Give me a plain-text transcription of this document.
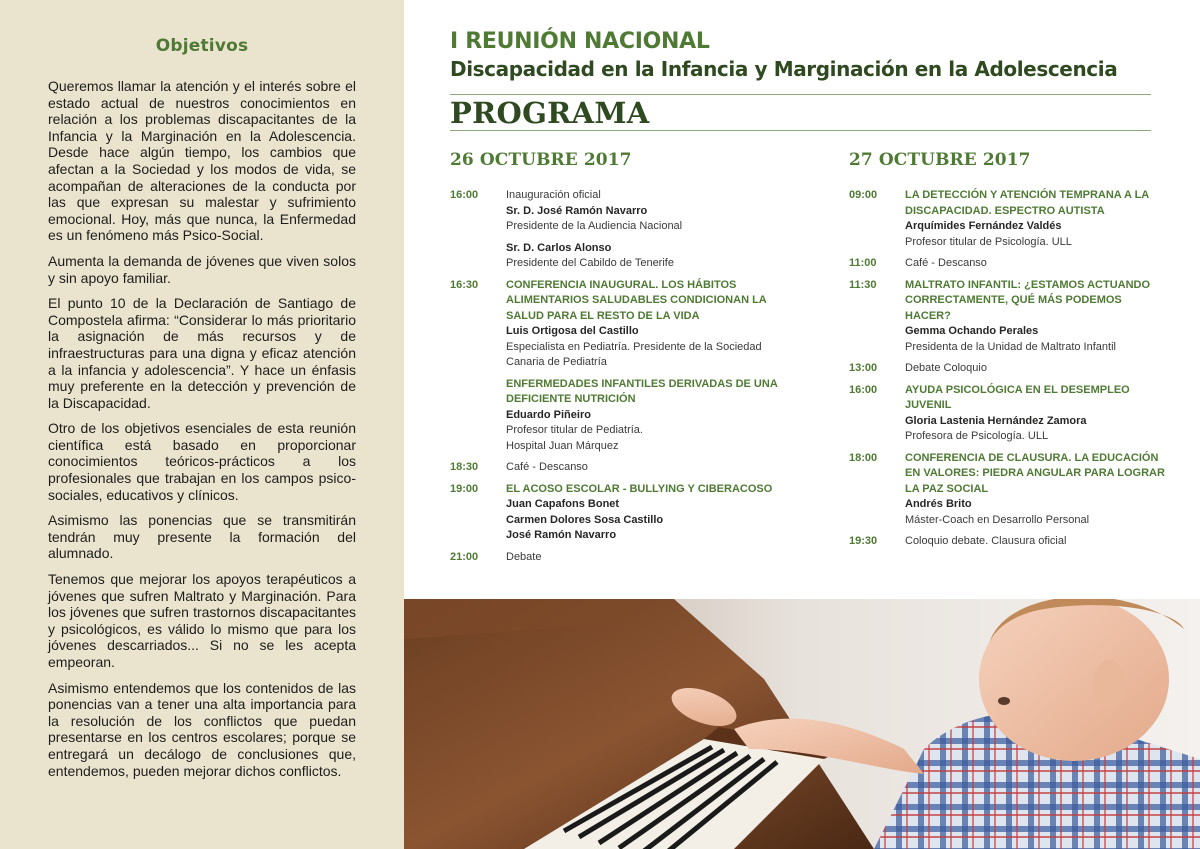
Objetivos

Queremos llamar la atención y el interés sobre el estado actual de nuestros conocimientos en relación a los problemas discapacitantes de la Infancia y la Marginación en la Adolescencia. Desde hace algún tiempo, los cambios que afectan a la Sociedad y los modos de vida, se acompañan de alteraciones de la conducta por las que expresan su malestar y sufrimiento emocional. Hoy, más que nunca, la Enfermedad es un fenómeno más Psico-Social.

Aumenta la demanda de jóvenes que viven solos y sin apoyo familiar.

El punto 10 de la Declaración de Santiago de Compostela afirma: “Considerar lo más prioritario la asignación de más recursos y de infraestructuras para una digna y eficaz atención a la infancia y adolescencia”. Y hace un énfasis muy preferente en la detección y prevención de la Discapacidad.

Otro de los objetivos esenciales de esta reunión científica está basado en proporcionar conocimientos teóricos-prácticos a los profesionales que trabajan en los campos psico-sociales, educativos y clínicos.

Asimismo las ponencias que se transmitirán tendrán muy presente la formación del alumnado.

Tenemos que mejorar los apoyos terapéuticos a jóvenes que sufren Maltrato y Marginación. Para los jóvenes que sufren trastornos discapacitantes y psicológicos, es válido lo mismo que para los jóvenes descarriados... Si no se les acepta empeoran.

Asimismo entendemos que los contenidos de las ponencias van a tener una alta importancia para la resolución de los conflictos que puedan presentarse en los centros escolares; porque se entregará un decálogo de conclusiones que, entendemos, pueden mejorar dichos conflictos.

I REUNIÓN NACIONAL
Discapacidad en la Infancia y Marginación en la Adolescencia
PROGRAMA
26 OCTUBRE 2017
16:00	Inauguración oficial
Sr. D. José Ramón Navarro
Presidente de la Audiencia Nacional
Sr. D. Carlos Alonso
Presidente del Cabildo de Tenerife
16:30	CONFERENCIA INAUGURAL. LOS HÁBITOS ALIMENTARIOS SALUDABLES CONDICIONAN LA SALUD PARA EL RESTO DE LA VIDA
Luis Ortigosa del Castillo
Especialista en Pediatría. Presidente de la Sociedad Canaria de Pediatría
ENFERMEDADES INFANTILES DERIVADAS DE UNA DEFICIENTE NUTRICIÓN
Eduardo Piñeiro
Profesor titular de Pediatría.
Hospital Juan Márquez
18:30	Café - Descanso
19:00	EL ACOSO ESCOLAR - BULLYING Y CIBERACOSO
Juan Capafons Bonet
Carmen Dolores Sosa Castillo
José Ramón Navarro
21:00	Debate
27 OCTUBRE 2017
09:00	LA DETECCIÓN Y ATENCIÓN TEMPRANA A LA DISCAPACIDAD. ESPECTRO AUTISTA
Arquímides Fernández Valdés
Profesor titular de Psicología. ULL
11:00	Café - Descanso
11:30	MALTRATO INFANTIL: ¿ESTAMOS ACTUANDO CORRECTAMENTE, QUÉ MÁS PODEMOS HACER?
Gemma Ochando Perales
Presidenta de la Unidad de Maltrato Infantil
13:00	Debate Coloquio
16:00	AYUDA PSICOLÓGICA EN EL DESEMPLEO JUVENIL
Gloria Lastenia Hernández Zamora
Profesora de Psicología. ULL
18:00	CONFERENCIA DE CLAUSURA. LA EDUCACIÓN EN VALORES: PIEDRA ANGULAR PARA LOGRAR LA PAZ SOCIAL
Andrés Brito
Máster-Coach en Desarrollo Personal
19:30	Coloquio debate. Clausura oficial
